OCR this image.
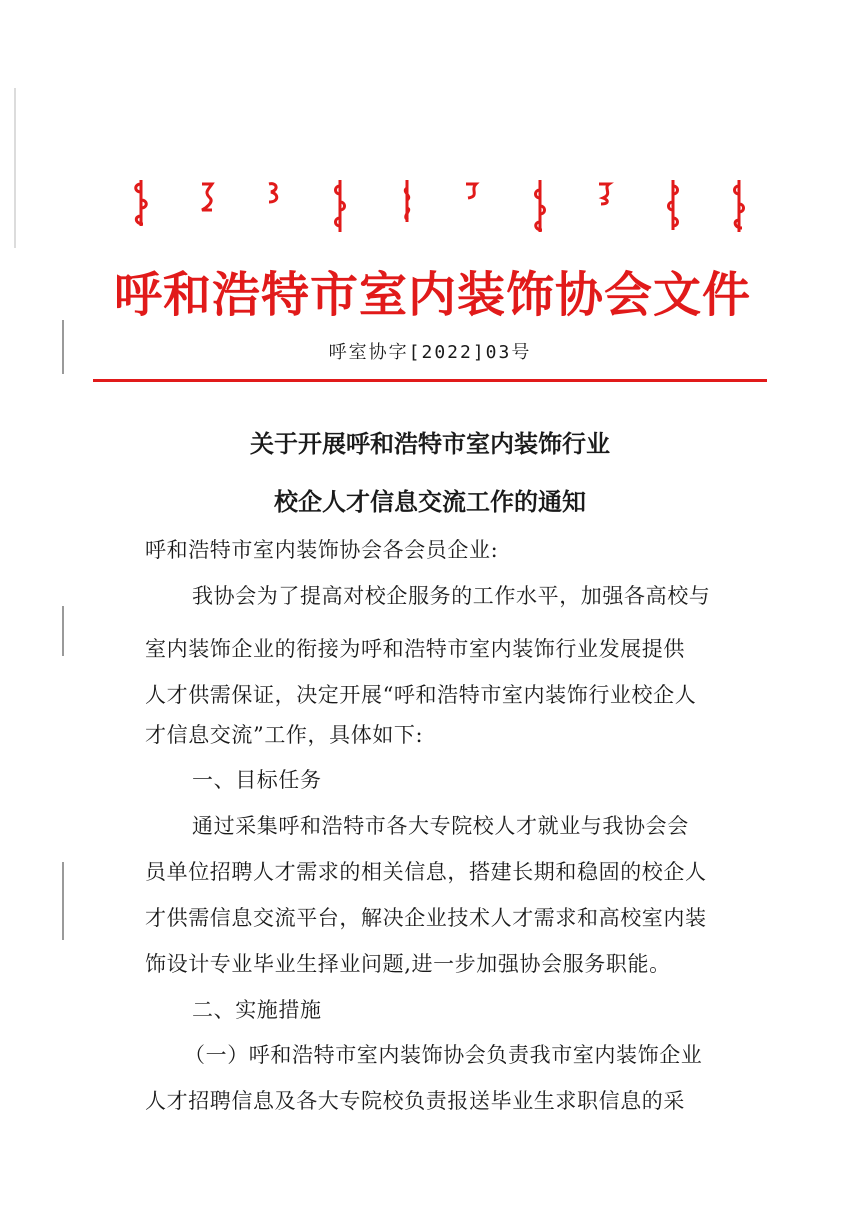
呼和浩特市室内装饰协会文件
呼室协字[2022]03号
关于开展呼和浩特市室内装饰行业
校企人才信息交流工作的通知
呼和浩特市室内装饰协会各会员企业:
我协会为了提高对校企服务的工作水平，加强各高校与
室内装饰企业的衔接为呼和浩特市室内装饰行业发展提供
人才供需保证，决定开展“呼和浩特市室内装饰行业校企人
才信息交流”工作，具体如下:
一、目标任务
通过采集呼和浩特市各大专院校人才就业与我协会会
员单位招聘人才需求的相关信息，搭建长期和稳固的校企人
才供需信息交流平台，解决企业技术人才需求和高校室内装
饰设计专业毕业生择业问题,进一步加强协会服务职能。
二、实施措施
（一）呼和浩特市室内装饰协会负责我市室内装饰企业
人才招聘信息及各大专院校负责报送毕业生求职信息的采
